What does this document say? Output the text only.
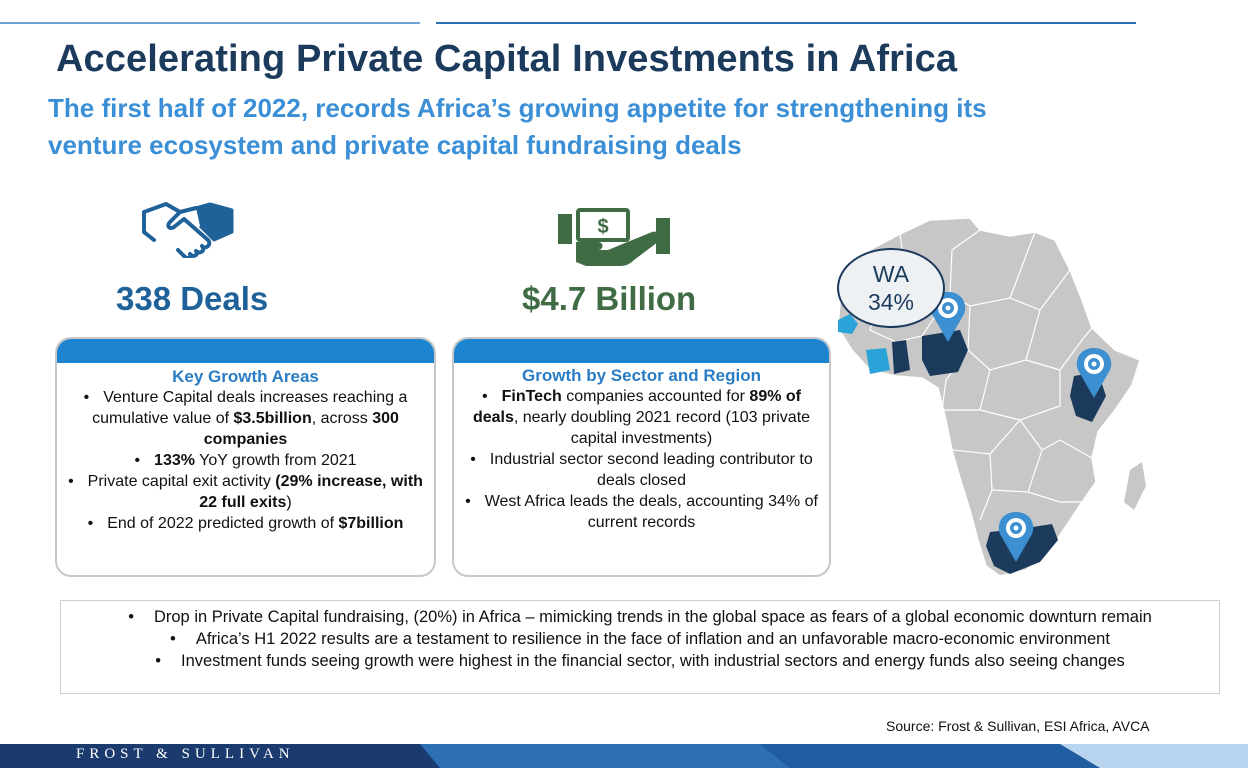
Accelerating Private Capital Investments in Africa
The first half of 2022, records Africa’s growing appetite for strengthening its
venture ecosystem and private capital fundraising deals
$
338 Deals	$4.7 Billion
Key Growth Areas
• Venture Capital deals increases reaching a cumulative value of $3.5billion, across 300 companies
• 133% YoY growth from 2021
• Private capital exit activity (29% increase, with 22 full exits)
• End of 2022 predicted growth of $7billion
Growth by Sector and Region
• FinTech companies accounted for 89% of deals, nearly doubling 2021 record (103 private capital investments)
• Industrial sector second leading contributor to deals closed
• West Africa leads the deals, accounting 34% of current records
WA
34%
• Drop in Private Capital fundraising, (20%) in Africa – mimicking trends in the global space as fears of a global economic downturn remain
• Africa’s H1 2022 results are a testament to resilience in the face of inflation and an unfavorable macro-economic environment
• Investment funds seeing growth were highest in the financial sector, with industrial sectors and energy funds also seeing changes
Source: Frost & Sullivan, ESI Africa, AVCA
FROST & SULLIVAN
